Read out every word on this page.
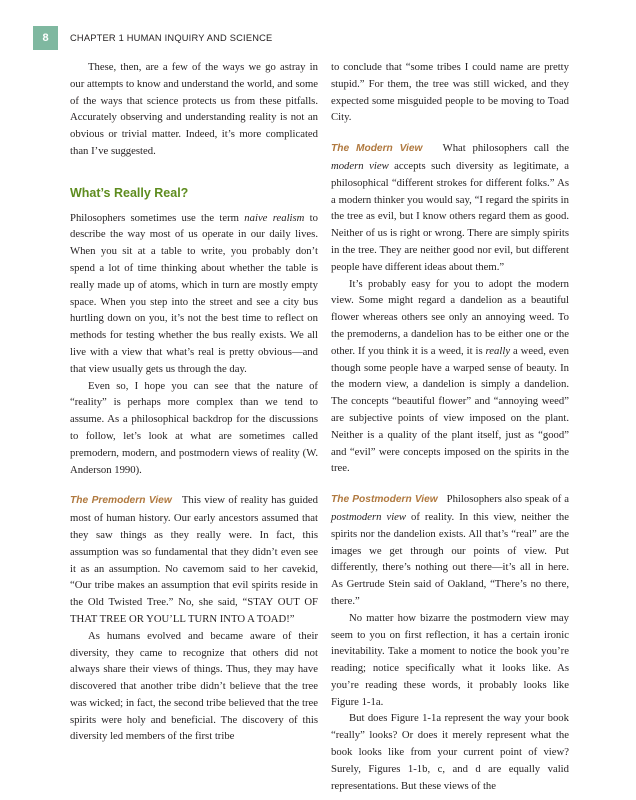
8	CHAPTER 1 HUMAN INQUIRY AND SCIENCE

These, then, are a few of the ways we go astray in our attempts to know and understand the world, and some of the ways that science protects us from these pitfalls. Accurately observing and understanding reality is not an obvious or trivial matter. Indeed, it’s more complicated than I’ve suggested.

What’s Really Real?

Philosophers sometimes use the term naive realism to describe the way most of us operate in our daily lives. When you sit at a table to write, you probably don’t spend a lot of time thinking about whether the table is really made up of atoms, which in turn are mostly empty space. When you step into the street and see a city bus hurtling down on you, it’s not the best time to reflect on methods for testing whether the bus really exists. We all live with a view that what’s real is pretty obvious—and that view usually gets us through the day.

Even so, I hope you can see that the nature of “reality” is perhaps more complex than we tend to assume. As a philosophical backdrop for the discussions to follow, let’s look at what are sometimes called premodern, modern, and postmodern views of reality (W. Anderson 1990).

The Premodern View This view of reality has guided most of human history. Our early ancestors assumed that they saw things as they really were. In fact, this assumption was so fundamental that they didn’t even see it as an assumption. No cavemom said to her cavekid, “Our tribe makes an assumption that evil spirits reside in the Old Twisted Tree.” No, she said, “STAY OUT OF THAT TREE OR YOU’LL TURN INTO A TOAD!”

As humans evolved and became aware of their diversity, they came to recognize that others did not always share their views of things. Thus, they may have discovered that another tribe didn’t believe that the tree was wicked; in fact, the second tribe believed that the tree spirits were holy and beneficial. The discovery of this diversity led members of the first tribe

to conclude that “some tribes I could name are pretty stupid.” For them, the tree was still wicked, and they expected some misguided people to be moving to Toad City.

The Modern View What philosophers call the modern view accepts such diversity as legitimate, a philosophical “different strokes for different folks.” As a modern thinker you would say, “I regard the spirits in the tree as evil, but I know others regard them as good. Neither of us is right or wrong. There are simply spirits in the tree. They are neither good nor evil, but different people have different ideas about them.”

It’s probably easy for you to adopt the modern view. Some might regard a dandelion as a beautiful flower whereas others see only an annoying weed. To the premoderns, a dandelion has to be either one or the other. If you think it is a weed, it is really a weed, even though some people have a warped sense of beauty. In the modern view, a dandelion is simply a dandelion. The concepts “beautiful flower” and “annoying weed” are subjective points of view imposed on the plant. Neither is a quality of the plant itself, just as “good” and “evil” were concepts imposed on the spirits in the tree.

The Postmodern View Philosophers also speak of a postmodern view of reality. In this view, neither the spirits nor the dandelion exists. All that’s “real” are the images we get through our points of view. Put differently, there’s nothing out there—it’s all in here. As Gertrude Stein said of Oakland, “There’s no there, there.”

No matter how bizarre the postmodern view may seem to you on first reflection, it has a certain ironic inevitability. Take a moment to notice the book you’re reading; notice specifically what it looks like. As you’re reading these words, it probably looks like Figure 1-1a.

But does Figure 1-1a represent the way your book “really” looks? Or does it merely represent what the book looks like from your current point of view? Surely, Figures 1-1b, c, and d are equally valid representations. But these views of the
